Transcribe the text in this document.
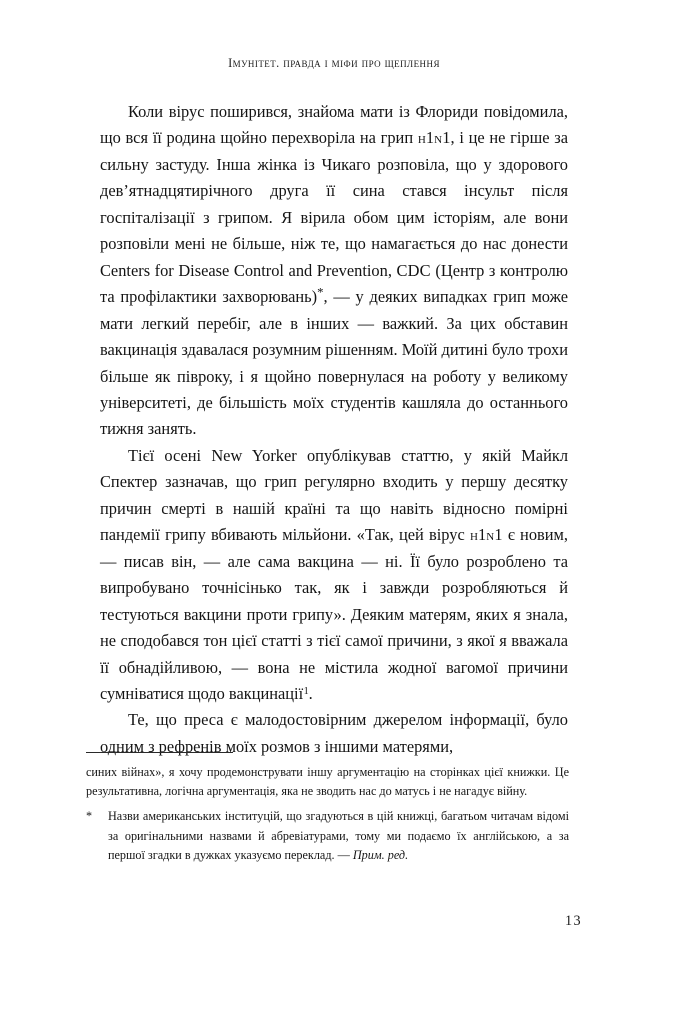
Імунітет. правда і міфи про щеплення

Коли вірус поширився, знайома мати із Флориди повідомила, що вся її родина щойно перехворіла на грип h1n1, і це не гірше за сильну застуду. Інша жінка із Чикаго розповіла, що у здорового дев’ятнадцятирічного друга її сина стався інсульт після госпіталізації з грипом. Я вірила обом цим історіям, але вони розповіли мені не більше, ніж те, що намагається до нас донести Centers for Disease Control and Prevention, CDC (Центр з контролю та профілактики захворювань)*, — у деяких випадках грип може мати легкий перебіг, але в інших — важкий. За цих обставин вакцинація здавалася розумним рішенням. Моїй дитині було трохи більше як півроку, і я щойно повернулася на роботу у великому університеті, де більшість моїх студентів кашляла до останнього тижня занять.

Тієї осені New Yorker опублікував статтю, у якій Майкл Спектер зазначав, що грип регулярно входить у першу десятку причин смерті в нашій країні та що навіть відносно помірні пандемії грипу вбивають мільйони. «Так, цей вірус h1n1 є новим, — писав він, — але сама вакцина — ні. Її було розроблено та випробувано точнісінько так, як і завжди розробляються й тестуються вакцини проти грипу». Деяким матерям, яких я знала, не сподобався тон цієї статті з тієї самої причини, з якої я вважала її обнадійливою, — вона не містила жодної вагомої причини сумніватися щодо вакцинації$^1$.

Те, що преса є малодостовірним джерелом інформації, було одним з рефренів моїх розмов з іншими матерями,

синих війнах», я хочу продемонструвати іншу аргументацію на сторінках цієї книжки. Це результативна, логічна аргументація, яка не зводить нас до матусь і не нагадує війну.
*	Назви американських інституцій, що згадуються в цій книжці, багатьом читачам відомі за оригінальними назвами й абревіатурами, тому ми подаємо їх англійською, а за першої згадки в дужках указуємо переклад. — Прим. ред.
13
